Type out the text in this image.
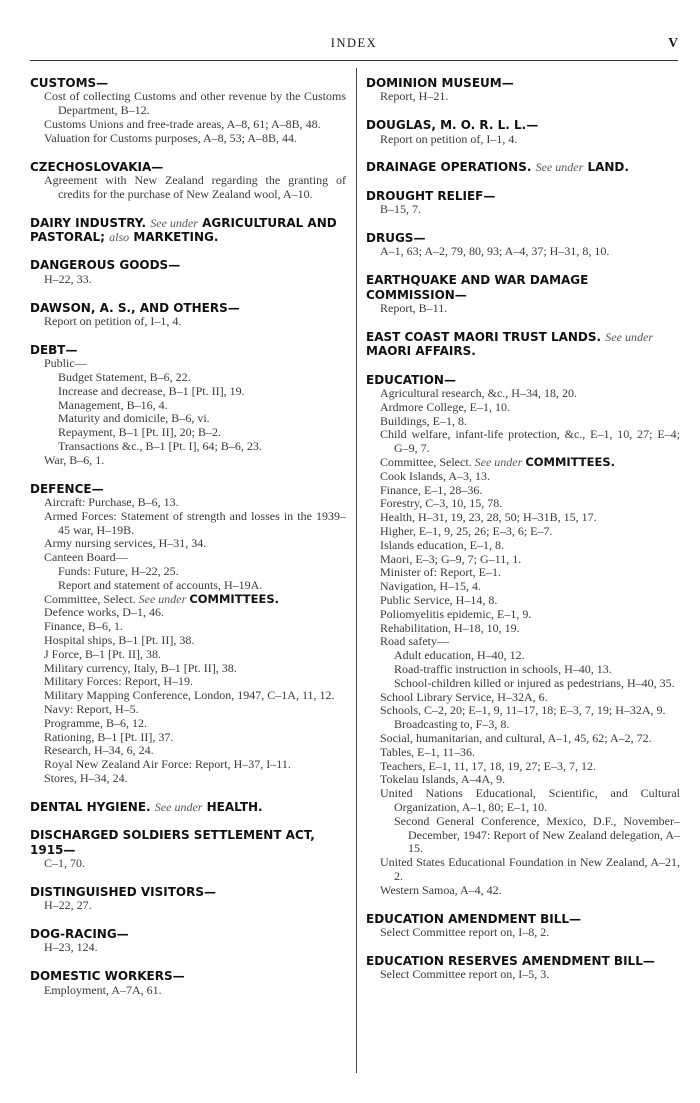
INDEX	V
CUSTOMS—
Cost of collecting Customs and other revenue by the Customs Department, B–12.
Customs Unions and free-trade areas, A–8, 61; A–8B, 48.
Valuation for Customs purposes, A–8, 53; A–8B, 44.
CZECHOSLOVAKIA—
Agreement with New Zealand regarding the granting of credits for the purchase of New Zealand wool, A–10.
DAIRY INDUSTRY. See under AGRICULTURAL AND PASTORAL; also MARKETING.
DANGEROUS GOODS—
H–22, 33.
DAWSON, A. S., AND OTHERS—
Report on petition of, I–1, 4.
DEBT—
Public—
Budget Statement, B–6, 22.
Increase and decrease, B–1 [Pt. II], 19.
Management, B–16, 4.
Maturity and domicile, B–6, vi.
Repayment, B–1 [Pt. II], 20; B–2.
Transactions &c., B–1 [Pt. I], 64; B–6, 23.
War, B–6, 1.
DEFENCE—
Aircraft: Purchase, B–6, 13.
Armed Forces: Statement of strength and losses in the 1939–45 war, H–19B.
Army nursing services, H–31, 34.
Canteen Board—
Funds: Future, H–22, 25.
Report and statement of accounts, H–19A.
Committee, Select. See under COMMITTEES.
Defence works, D–1, 46.
Finance, B–6, 1.
Hospital ships, B–1 [Pt. II], 38.
J Force, B–1 [Pt. II], 38.
Military currency, Italy, B–1 [Pt. II], 38.
Military Forces: Report, H–19.
Military Mapping Conference, London, 1947, C–1A, 11, 12.
Navy: Report, H–5.
Programme, B–6, 12.
Rationing, B–1 [Pt. II], 37.
Research, H–34, 6, 24.
Royal New Zealand Air Force: Report, H–37, I–11.
Stores, H–34, 24.
DENTAL HYGIENE. See under HEALTH.
DISCHARGED SOLDIERS SETTLEMENT ACT, 1915—
C–1, 70.
DISTINGUISHED VISITORS—
H–22, 27.
DOG-RACING—
H–23, 124.
DOMESTIC WORKERS—
Employment, A–7A, 61.
DOMINION MUSEUM—
Report, H–21.
DOUGLAS, M. O. R. L. L.—
Report on petition of, I–1, 4.
DRAINAGE OPERATIONS. See under LAND.
DROUGHT RELIEF—
B–15, 7.
DRUGS—
A–1, 63; A–2, 79, 80, 93; A–4, 37; H–31, 8, 10.
EARTHQUAKE AND WAR DAMAGE COMMISSION—
Report, B–11.
EAST COAST MAORI TRUST LANDS. See under MAORI AFFAIRS.
EDUCATION—
Agricultural research, &c., H–34, 18, 20.
Ardmore College, E–1, 10.
Buildings, E–1, 8.
Child welfare, infant-life protection, &c., E–1, 10, 27; E–4; G–9, 7.
Committee, Select. See under COMMITTEES.
Cook Islands, A–3, 13.
Finance, E–1, 28–36.
Forestry, C–3, 10, 15, 78.
Health, H–31, 19, 23, 28, 50; H–31B, 15, 17.
Higher, E–1, 9, 25, 26; E–3, 6; E–7.
Islands education, E–1, 8.
Maori, E–3; G–9, 7; G–11, 1.
Minister of: Report, E–1.
Navigation, H–15, 4.
Public Service, H–14, 8.
Poliomyelitis epidemic, E–1, 9.
Rehabilitation, H–18, 10, 19.
Road safety—
Adult education, H–40, 12.
Road-traffic instruction in schools, H–40, 13.
School-children killed or injured as pedestrians, H–40, 35.
School Library Service, H–32A, 6.
Schools, C–2, 20; E–1, 9, 11–17, 18; E–3, 7, 19; H–32A, 9.
Broadcasting to, F–3, 8.
Social, humanitarian, and cultural, A–1, 45, 62; A–2, 72.
Tables, E–1, 11–36.
Teachers, E–1, 11, 17, 18, 19, 27; E–3, 7, 12.
Tokelau Islands, A–4A, 9.
United Nations Educational, Scientific, and Cultural Organization, A–1, 80; E–1, 10.
Second General Conference, Mexico, D.F., November–December, 1947: Report of New Zealand delegation, A–15.
United States Educational Foundation in New Zealand, A–21, 2.
Western Samoa, A–4, 42.
EDUCATION AMENDMENT BILL—
Select Committee report on, I–8, 2.
EDUCATION RESERVES AMENDMENT BILL—
Select Committee report on, I–5, 3.
